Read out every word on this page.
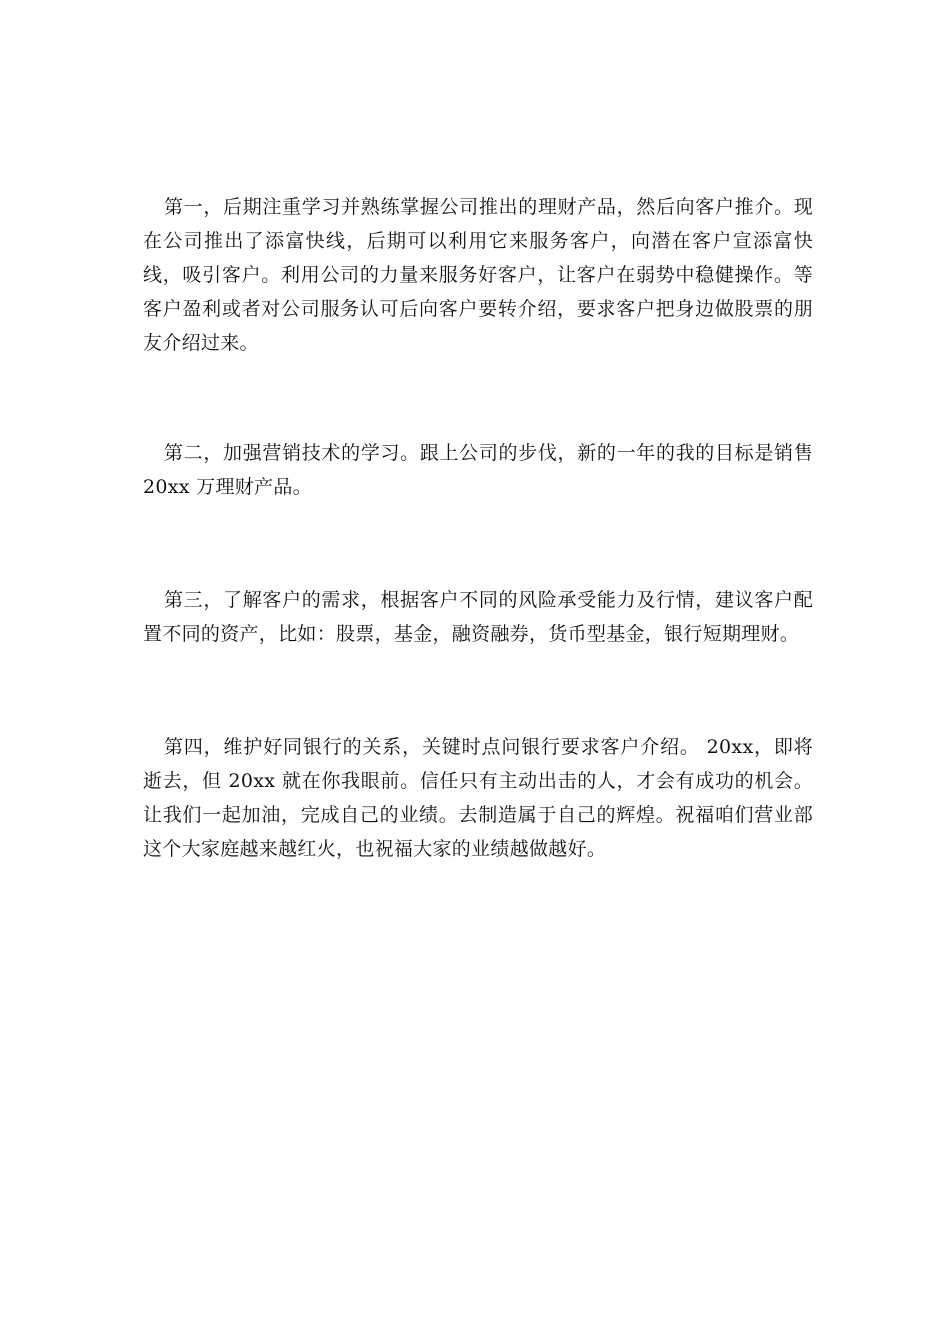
第一，后期注重学习并熟练掌握公司推出的理财产品，然后向客户推介。现在公司推出了添富快线，后期可以利用它来服务客户，向潜在客户宣添富快线，吸引客户。利用公司的力量来服务好客户，让客户在弱势中稳健操作。等客户盈利或者对公司服务认可后向客户要转介绍，要求客户把身边做股票的朋友介绍过来。

第二，加强营销技术的学习。跟上公司的步伐，新的一年的我的目标是销售 20xx 万理财产品。

第三，了解客户的需求，根据客户不同的风险承受能力及行情，建议客户配置不同的资产，比如：股票，基金，融资融券，货币型基金，银行短期理财。

第四，维护好同银行的关系，关键时点问银行要求客户介绍。 20xx，即将逝去，但 20xx 就在你我眼前。信任只有主动出击的人，才会有成功的机会。让我们一起加油，完成自己的业绩。去制造属于自己的辉煌。祝福咱们营业部这个大家庭越来越红火，也祝福大家的业绩越做越好。
